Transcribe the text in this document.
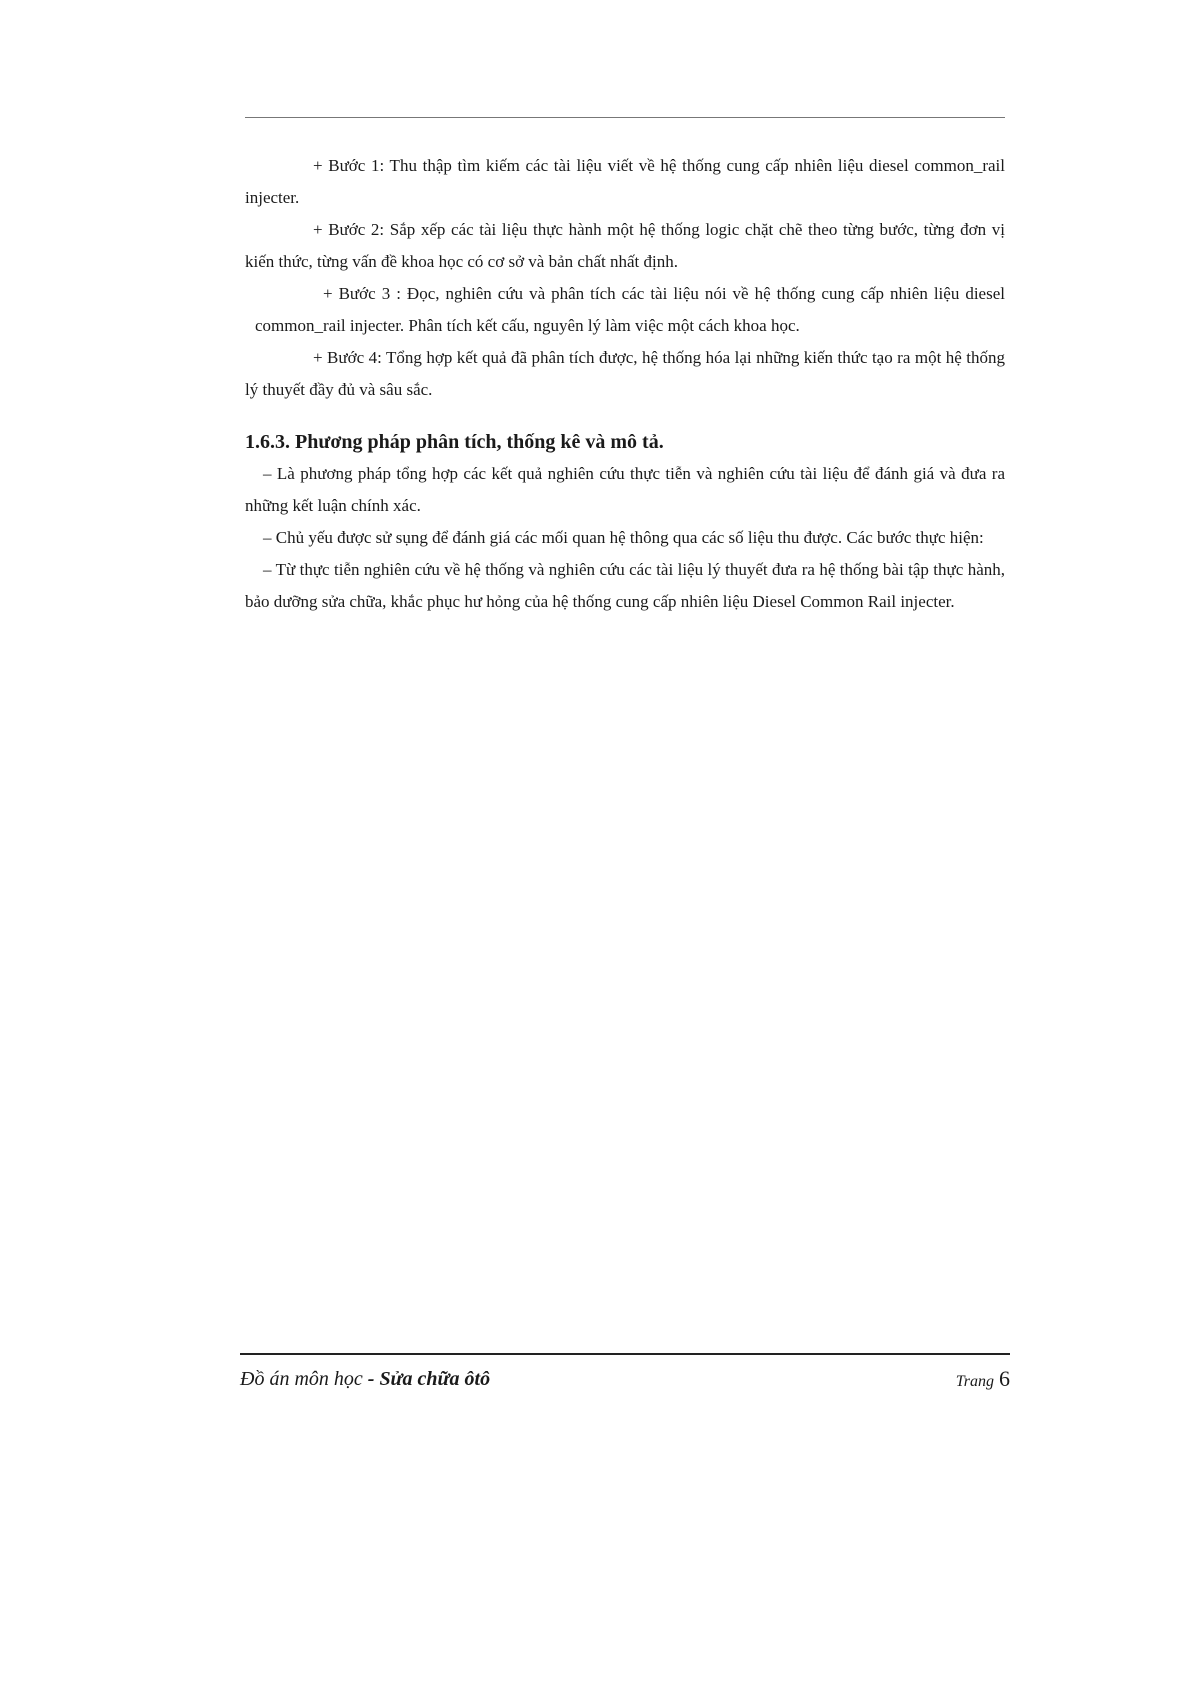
+ Bước 1: Thu thập tìm kiếm các tài liệu viết về hệ thống cung cấp nhiên liệu diesel common_rail injecter.

+ Bước 2: Sắp xếp các tài liệu thực hành một hệ thống logic chặt chẽ theo từng bước, từng đơn vị kiến thức, từng vấn đề khoa học có cơ sở và bản chất nhất định.

+ Bước 3 : Đọc, nghiên cứu và phân tích các tài liệu nói về hệ thống cung cấp nhiên liệu diesel common_rail injecter. Phân tích kết cấu, nguyên lý làm việc một cách khoa học.

+ Bước 4: Tổng hợp kết quả đã phân tích được, hệ thống hóa lại những kiến thức tạo ra một hệ thống lý thuyết đầy đủ và sâu sắc.

1.6.3. Phương pháp phân tích, thống kê và mô tả.

– Là phương pháp tổng hợp các kết quả nghiên cứu thực tiễn và nghiên cứu tài liệu để đánh giá và đưa ra những kết luận chính xác.

– Chủ yếu được sử sụng để đánh giá các mối quan hệ thông qua các số liệu thu được. Các bước thực hiện:

– Từ thực tiễn nghiên cứu về hệ thống và nghiên cứu các tài liệu lý thuyết đưa ra hệ thống bài tập thực hành, bảo dưỡng sửa chữa, khắc phục hư hỏng của hệ thống cung cấp nhiên liệu Diesel Common Rail injecter.

Đồ án môn học - Sửa chữa ôtô	Trang 6
